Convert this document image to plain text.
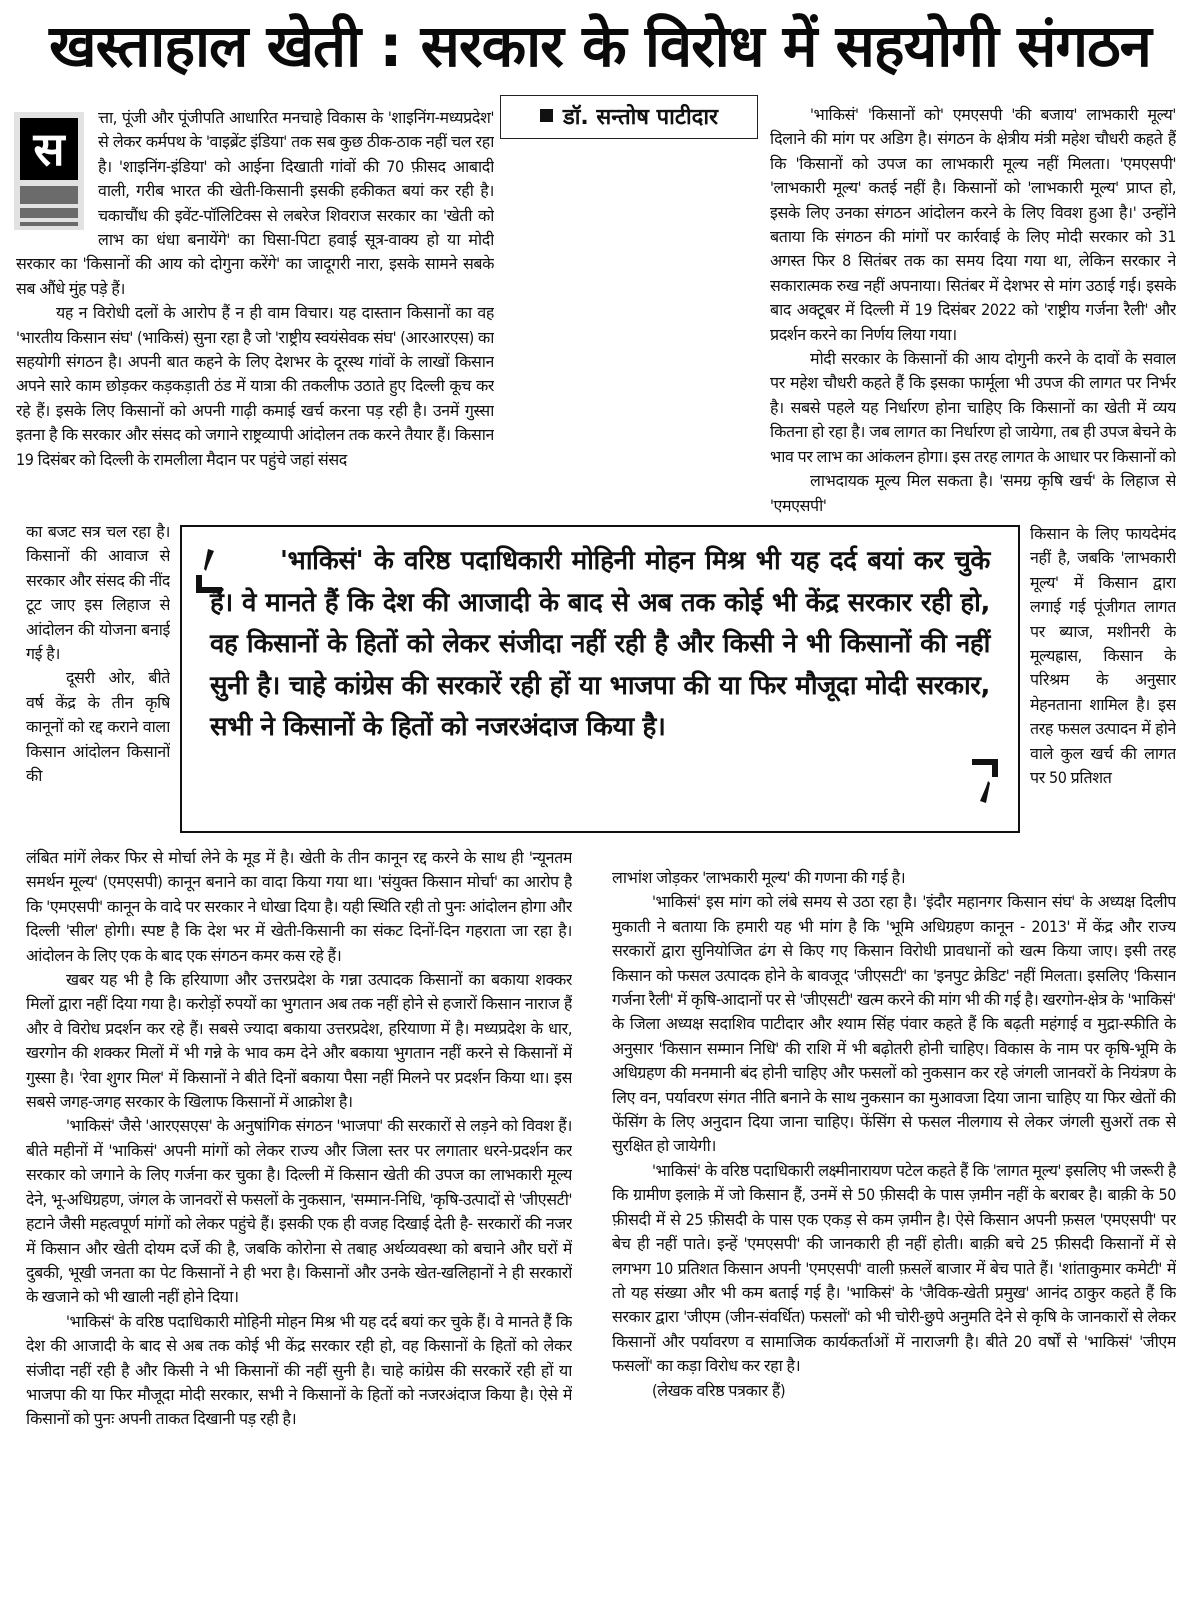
खस्ताहाल खेती : सरकार के विरोध में सहयोगी संगठन
स
डॉ. सन्तोष पाटीदार

त्ता, पूंजी और पूंजीपति आधारित मनचाहे विकास के 'शाइनिंग-मध्यप्रदेश' से लेकर कर्मपथ के 'वाइब्रेंट इंडिया' तक सब कुछ ठीक-ठाक नहीं चल रहा है। 'शाइनिंग-इंडिया' को आईना दिखाती गांवों की 70 फ़ीसद आबादी वाली, गरीब भारत की खेती-किसानी इसकी हकीकत बयां कर रही है। चकाचौंध की इवेंट-पॉलिटिक्स से लबरेज शिवराज सरकार का 'खेती को लाभ का धंधा बनायेंगे' का घिसा-पिटा हवाई सूत्र-वाक्य हो या मोदी सरकार का 'किसानों की आय को दोगुना करेंगे' का जादूगरी नारा, इसके सामने सबके सब औंधे मुंह पड़े हैं।

यह न विरोधी दलों के आरोप हैं न ही वाम विचार। यह दास्तान किसानों का वह 'भारतीय किसान संघ' (भाकिसं) सुना रहा है जो 'राष्ट्रीय स्वयंसेवक संघ' (आरआरएस) का सहयोगी संगठन है। अपनी बात कहने के लिए देशभर के दूरस्थ गांवों के लाखों किसान अपने सारे काम छोड़कर कड़कड़ाती ठंड में यात्रा की तकलीफ उठाते हुए दिल्ली कूच कर रहे हैं। इसके लिए किसानों को अपनी गाढ़ी कमाई खर्च करना पड़ रही है। उनमें गुस्सा इतना है कि सरकार और संसद को जगाने राष्ट्रव्यापी आंदोलन तक करने तैयार हैं। किसान 19 दिसंबर को दिल्ली के रामलीला मैदान पर पहुंचे जहां संसद

का बजट सत्र चल रहा है। किसानों की आवाज से सरकार और संसद की नींद टूट जाए इस लिहाज से आंदोलन की योजना बनाई गई है।

दूसरी ओर, बीते वर्ष केंद्र के तीन कृषि कानूनों को रद्द कराने वाला किसान आंदोलन किसानों की

लंबित मांगें लेकर फिर से मोर्चा लेने के मूड में है। खेती के तीन कानून रद्द करने के साथ ही 'न्यूनतम समर्थन मूल्य' (एमएसपी) कानून बनाने का वादा किया गया था। 'संयुक्त किसान मोर्चा' का आरोप है कि 'एमएसपी' कानून के वादे पर सरकार ने धोखा दिया है। यही स्थिति रही तो पुनः आंदोलन होगा और दिल्ली 'सील' होगी। स्पष्ट है कि देश भर में खेती-किसानी का संकट दिनों-दिन गहराता जा रहा है। आंदोलन के लिए एक के बाद एक संगठन कमर कस रहे हैं।

खबर यह भी है कि हरियाणा और उत्तरप्रदेश के गन्ना उत्पादक किसानों का बकाया शक्कर मिलों द्वारा नहीं दिया गया है। करोड़ों रुपयों का भुगतान अब तक नहीं होने से हजारों किसान नाराज हैं और वे विरोध प्रदर्शन कर रहे हैं। सबसे ज्यादा बकाया उत्तरप्रदेश, हरियाणा में है। मध्यप्रदेश के धार, खरगोन की शक्कर मिलों में भी गन्ने के भाव कम देने और बकाया भुगतान नहीं करने से किसानों में गुस्सा है। 'रेवा शुगर मिल' में किसानों ने बीते दिनों बकाया पैसा नहीं मिलने पर प्रदर्शन किया था। इस सबसे जगह-जगह सरकार के खिलाफ किसानों में आक्रोश है।

'भाकिसं' जैसे 'आरएसएस' के अनुषांगिक संगठन 'भाजपा' की सरकारों से लड़ने को विवश हैं। बीते महीनों में 'भाकिसं' अपनी मांगों को लेकर राज्य और जिला स्तर पर लगातार धरने-प्रदर्शन कर सरकार को जगाने के लिए गर्जना कर चुका है। दिल्ली में किसान खेती की उपज का लाभकारी मूल्य देने, भू-अधिग्रहण, जंगल के जानवरों से फसलों के नुकसान, 'सम्मान-निधि, 'कृषि-उत्पादों से 'जीएसटी' हटाने जैसी महत्वपूर्ण मांगों को लेकर पहुंचे हैं। इसकी एक ही वजह दिखाई देती है- सरकारों की नजर में किसान और खेती दोयम दर्जे की है, जबकि कोरोना से तबाह अर्थव्यवस्था को बचाने और घरों में दुबकी, भूखी जनता का पेट किसानों ने ही भरा है। किसानों और उनके खेत-खलिहानों ने ही सरकारों के खजाने को भी खाली नहीं होने दिया।

'भाकिसं' के वरिष्ठ पदाधिकारी मोहिनी मोहन मिश्र भी यह दर्द बयां कर चुके हैं। वे मानते हैं कि देश की आजादी के बाद से अब तक कोई भी केंद्र सरकार रही हो, वह किसानों के हितों को लेकर संजीदा नहीं रही है और किसी ने भी किसानों की नहीं सुनी है। चाहे कांग्रेस की सरकारें रही हों या भाजपा की या फिर मौजूदा मोदी सरकार, सभी ने किसानों के हितों को नजरअंदाज किया है। ऐसे में किसानों को पुनः अपनी ताकत दिखानी पड़ रही है।

'भाकिसं' 'किसानों को' एमएसपी 'की बजाय' लाभकारी मूल्य' दिलाने की मांग पर अडिग है। संगठन के क्षेत्रीय मंत्री महेश चौधरी कहते हैं कि 'किसानों को उपज का लाभकारी मूल्य नहीं मिलता। 'एमएसपी' 'लाभकारी मूल्य' कतई नहीं है। किसानों को 'लाभकारी मूल्य' प्राप्त हो, इसके लिए उनका संगठन आंदोलन करने के लिए विवश हुआ है।' उन्होंने बताया कि संगठन की मांगों पर कार्रवाई के लिए मोदी सरकार को 31 अगस्त फिर 8 सितंबर तक का समय दिया गया था, लेकिन सरकार ने सकारात्मक रुख नहीं अपनाया। सितंबर में देशभर से मांग उठाई गई। इसके बाद अक्टूबर में दिल्ली में 19 दिसंबर 2022 को 'राष्ट्रीय गर्जना रैली' और प्रदर्शन करने का निर्णय लिया गया।

मोदी सरकार के किसानों की आय दोगुनी करने के दावों के सवाल पर महेश चौधरी कहते हैं कि इसका फार्मूला भी उपज की लागत पर निर्भर है। सबसे पहले यह निर्धारण होना चाहिए कि किसानों का खेती में व्यय कितना हो रहा है। जब लागत का निर्धारण हो जायेगा, तब ही उपज बेचने के भाव पर लाभ का आंकलन होगा। इस तरह लागत के आधार पर किसानों को

लाभदायक मूल्य मिल सकता है। 'समग्र कृषि खर्च' के लिहाज से 'एमएसपी'

किसान के लिए फायदेमंद नहीं है, जबकि 'लाभकारी मूल्य' में किसान द्वारा लगाई गई पूंजीगत लागत पर ब्याज, मशीनरी के मूल्यह्रास, किसान के परिश्रम के अनुसार मेहनताना शामिल है। इस तरह फसल उत्पादन में होने वाले कुल खर्च की लागत पर 50 प्रतिशत

लाभांश जोड़कर 'लाभकारी मूल्य' की गणना की गई है।

'भाकिसं' इस मांग को लंबे समय से उठा रहा है। 'इंदौर महानगर किसान संघ' के अध्यक्ष दिलीप मुकाती ने बताया कि हमारी यह भी मांग है कि 'भूमि अधिग्रहण कानून - 2013' में केंद्र और राज्य सरकारों द्वारा सुनियोजित ढंग से किए गए किसान विरोधी प्रावधानों को खत्म किया जाए। इसी तरह किसान को फसल उत्पादक होने के बावजूद 'जीएसटी' का 'इनपुट क्रेडिट' नहीं मिलता। इसलिए 'किसान गर्जना रैली' में कृषि-आदानों पर से 'जीएसटी' खत्म करने की मांग भी की गई है। खरगोन-क्षेत्र के 'भाकिसं' के जिला अध्यक्ष सदाशिव पाटीदार और श्याम सिंह पंवार कहते हैं कि बढ़ती महंगाई व मुद्रा-स्फीति के अनुसार 'किसान सम्मान निधि' की राशि में भी बढ़ोतरी होनी चाहिए। विकास के नाम पर कृषि-भूमि के अधिग्रहण की मनमानी बंद होनी चाहिए और फसलों को नुकसान कर रहे जंगली जानवरों के नियंत्रण के लिए वन, पर्यावरण संगत नीति बनाने के साथ नुकसान का मुआवजा दिया जाना चाहिए या फिर खेतों की फेंसिंग के लिए अनुदान दिया जाना चाहिए। फेंसिंग से फसल नीलगाय से लेकर जंगली सुअरों तक से सुरक्षित हो जायेगी।

'भाकिसं' के वरिष्ठ पदाधिकारी लक्ष्मीनारायण पटेल कहते हैं कि 'लागत मूल्य' इसलिए भी जरूरी है कि ग्रामीण इलाक़े में जो किसान हैं, उनमें से 50 फ़ीसदी के पास ज़मीन नहीं के बराबर है। बाक़ी के 50 फ़ीसदी में से 25 फ़ीसदी के पास एक एकड़ से कम ज़मीन है। ऐसे किसान अपनी फ़सल 'एमएसपी' पर बेच ही नहीं पाते। इन्हें 'एमएसपी' की जानकारी ही नहीं होती। बाक़ी बचे 25 फ़ीसदी किसानों में से लगभग 10 प्रतिशत किसान अपनी 'एमएसपी' वाली फ़सलें बाजार में बेच पाते हैं। 'शांताकुमार कमेटी' में तो यह संख्या और भी कम बताई गई है। 'भाकिसं' के 'जैविक-खेती प्रमुख' आनंद ठाकुर कहते हैं कि सरकार द्वारा 'जीएम (जीन-संवर्धित) फसलों' को भी चोरी-छुपे अनुमति देने से कृषि के जानकारों से लेकर किसानों और पर्यावरण व सामाजिक कार्यकर्ताओं में नाराजगी है। बीते 20 वर्षों से 'भाकिसं' 'जीएम फसलों' का कड़ा विरोध कर रहा है।

(लेखक वरिष्ठ पत्रकार हैं)

'भाकिसं' के वरिष्ठ पदाधिकारी मोहिनी मोहन मिश्र भी यह दर्द बयां कर चुके हैं। वे मानते हैं कि देश की आजादी के बाद से अब तक कोई भी केंद्र सरकार रही हो, वह किसानों के हितों को लेकर संजीदा नहीं रही है और किसी ने भी किसानों की नहीं सुनी है। चाहे कांग्रेस की सरकारें रही हों या भाजपा की या फिर मौजूदा मोदी सरकार, सभी ने किसानों के हितों को नजरअंदाज किया है।
